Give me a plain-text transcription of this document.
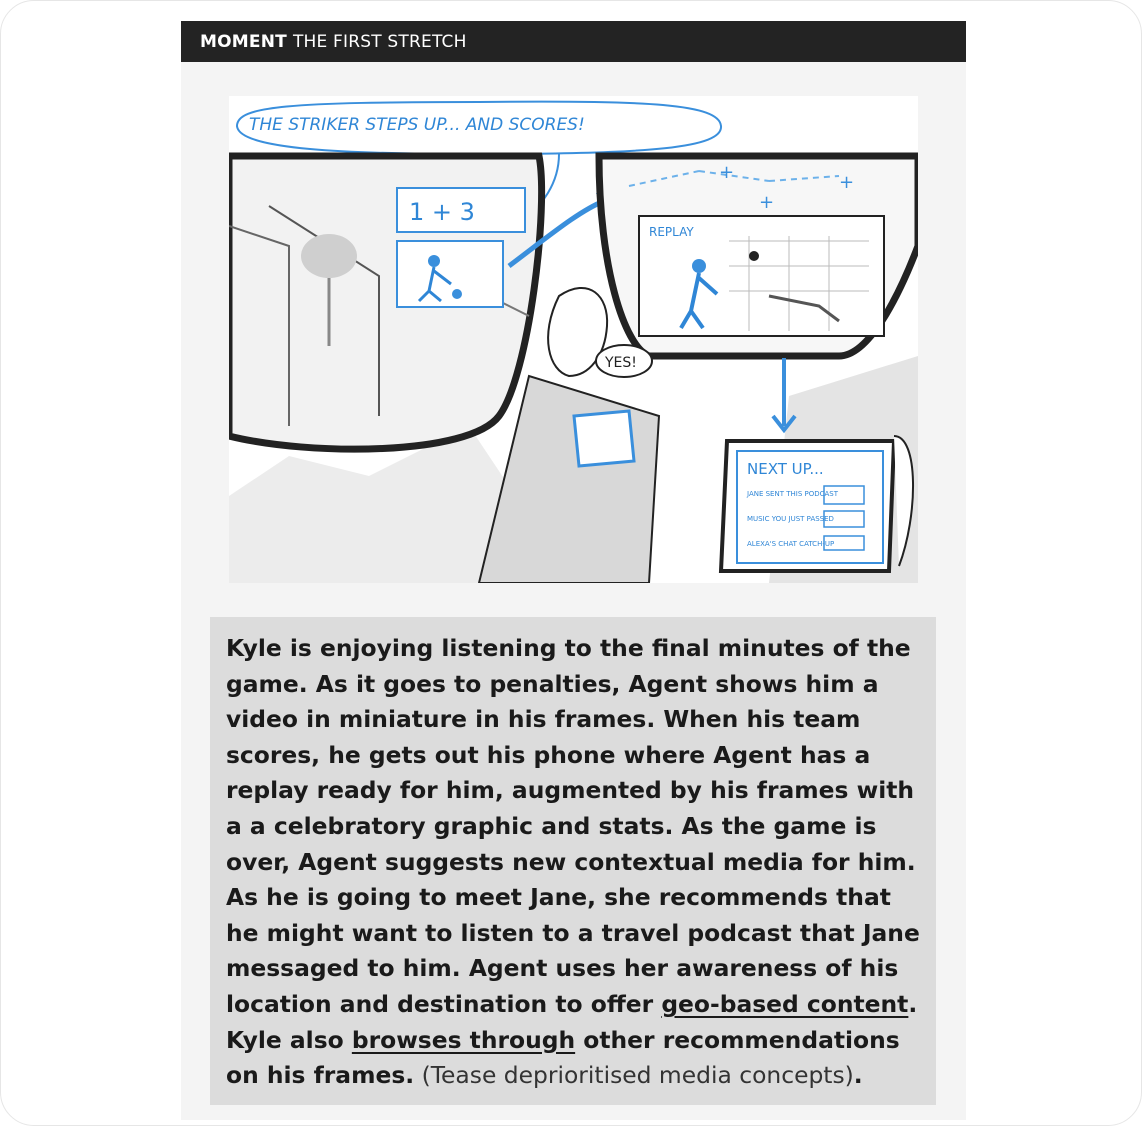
MOMENT THE FIRST STRETCH
THE STRIKER STEPS UP... AND SCORES!
1 + 3
+	+
+
REPLAY
YES!
NEXT UP...
JANE SENT THIS PODCAST
MUSIC YOU JUST PASSED
ALEXA'S CHAT CATCH-UP
Kyle is enjoying listening to the final minutes of the game. As it goes to penalties, Agent shows him a video in miniature in his frames. When his team scores, he gets out his phone where Agent has a replay ready for him, augmented by his frames with a a celebratory graphic and stats. As the game is over, Agent suggests new contextual media for him. As he is going to meet Jane, she recommends that he might want to listen to a travel podcast that Jane messaged to him. Agent uses her awareness of his location and destination to offer geo-based content. Kyle also browses through other recommendations on his frames. (Tease deprioritised media concepts).
